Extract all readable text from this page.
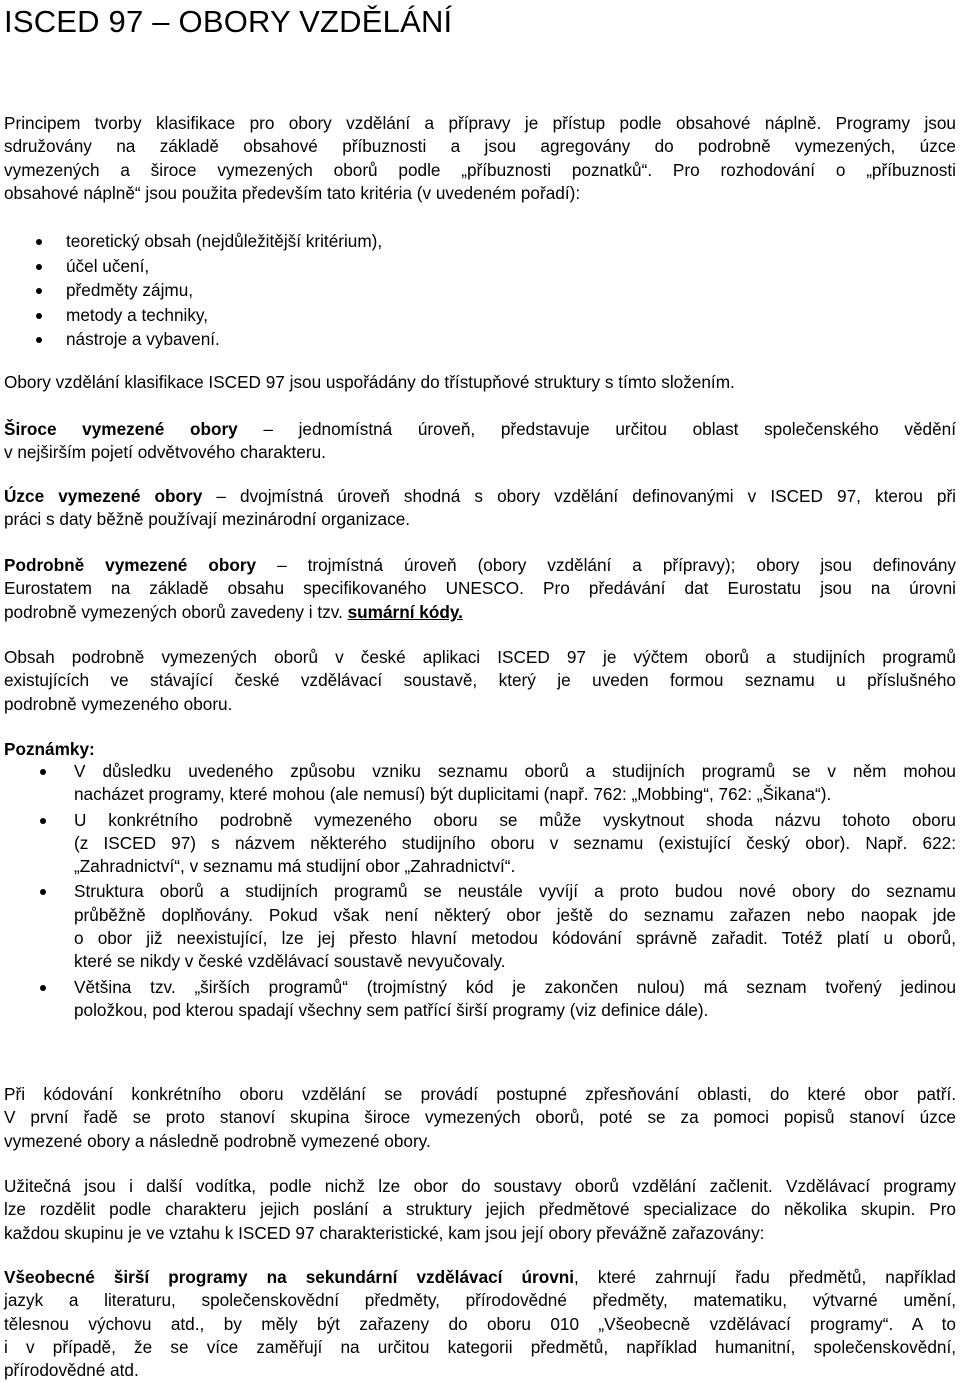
ISCED 97 – OBORY VZDĚLÁNÍ

Principem tvorby klasifikace pro obory vzdělání a přípravy je přístup podle obsahové náplně. Programy jsou
sdružovány na základě obsahové příbuznosti a jsou agregovány do podrobně vymezených, úzce
vymezených a široce vymezených oborů podle „příbuznosti poznatků“. Pro rozhodování o „příbuznosti
obsahové náplně“ jsou použita především tato kritéria (v uvedeném pořadí):

teoretický obsah (nejdůležitější kritérium),
účel učení,
předměty zájmu,
metody a techniky,
nástroje a vybavení.

Obory vzdělání klasifikace ISCED 97 jsou uspořádány do třístupňové struktury s tímto složením.

Široce vymezené obory – jednomístná úroveň, představuje určitou oblast společenského vědění
v nejširším pojetí odvětvového charakteru.

Úzce vymezené obory – dvojmístná úroveň shodná s obory vzdělání definovanými v ISCED 97, kterou při
práci s daty běžně používají mezinárodní organizace.

Podrobně vymezené obory – trojmístná úroveň (obory vzdělání a přípravy); obory jsou definovány
Eurostatem na základě obsahu specifikovaného UNESCO. Pro předávání dat Eurostatu jsou na úrovni
podrobně vymezených oborů zavedeny i tzv. sumární kódy.

Obsah podrobně vymezených oborů v české aplikaci ISCED 97 je výčtem oborů a studijních programů
existujících ve stávající české vzdělávací soustavě, který je uveden formou seznamu u příslušného
podrobně vymezeného oboru.

Poznámky:

V důsledku uvedeného způsobu vzniku seznamu oborů a studijních programů se v něm mohou
nacházet programy, které mohou (ale nemusí) být duplicitami (např. 762: „Mobbing“, 762: „Šikana“).
U konkrétního podrobně vymezeného oboru se může vyskytnout shoda názvu tohoto oboru
(z ISCED 97) s názvem některého studijního oboru v seznamu (existující český obor). Např. 622:
„Zahradnictví“, v seznamu má studijní obor „Zahradnictví“.
Struktura oborů a studijních programů se neustále vyvíjí a proto budou nové obory do seznamu
průběžně doplňovány. Pokud však není některý obor ještě do seznamu zařazen nebo naopak jde
o obor již neexistující, lze jej přesto hlavní metodou kódování správně zařadit. Totéž platí u oborů,
které se nikdy v české vzdělávací soustavě nevyučovaly.
Většina tzv. „širších programů“ (trojmístný kód je zakončen nulou) má seznam tvořený jedinou
položkou, pod kterou spadají všechny sem patřící širší programy (viz definice dále).

Při kódování konkrétního oboru vzdělání se provádí postupné zpřesňování oblasti, do které obor patří.
V první řadě se proto stanoví skupina široce vymezených oborů, poté se za pomoci popisů stanoví úzce
vymezené obory a následně podrobně vymezené obory.

Užitečná jsou i další vodítka, podle nichž lze obor do soustavy oborů vzdělání začlenit. Vzdělávací programy
lze rozdělit podle charakteru jejich poslání a struktury jejich předmětové specializace do několika skupin. Pro
každou skupinu je ve vztahu k ISCED 97 charakteristické, kam jsou její obory převážně zařazovány:

Všeobecné širší programy na sekundární vzdělávací úrovni, které zahrnují řadu předmětů, například
jazyk a literaturu, společenskovědní předměty, přírodovědné předměty, matematiku, výtvarné umění,
tělesnou výchovu atd., by měly být zařazeny do oboru 010 „Všeobecně vzdělávací programy“. A to
i v případě, že se více zaměřují na určitou kategorii předmětů, například humanitní, společenskovědní,
přírodovědné atd.
